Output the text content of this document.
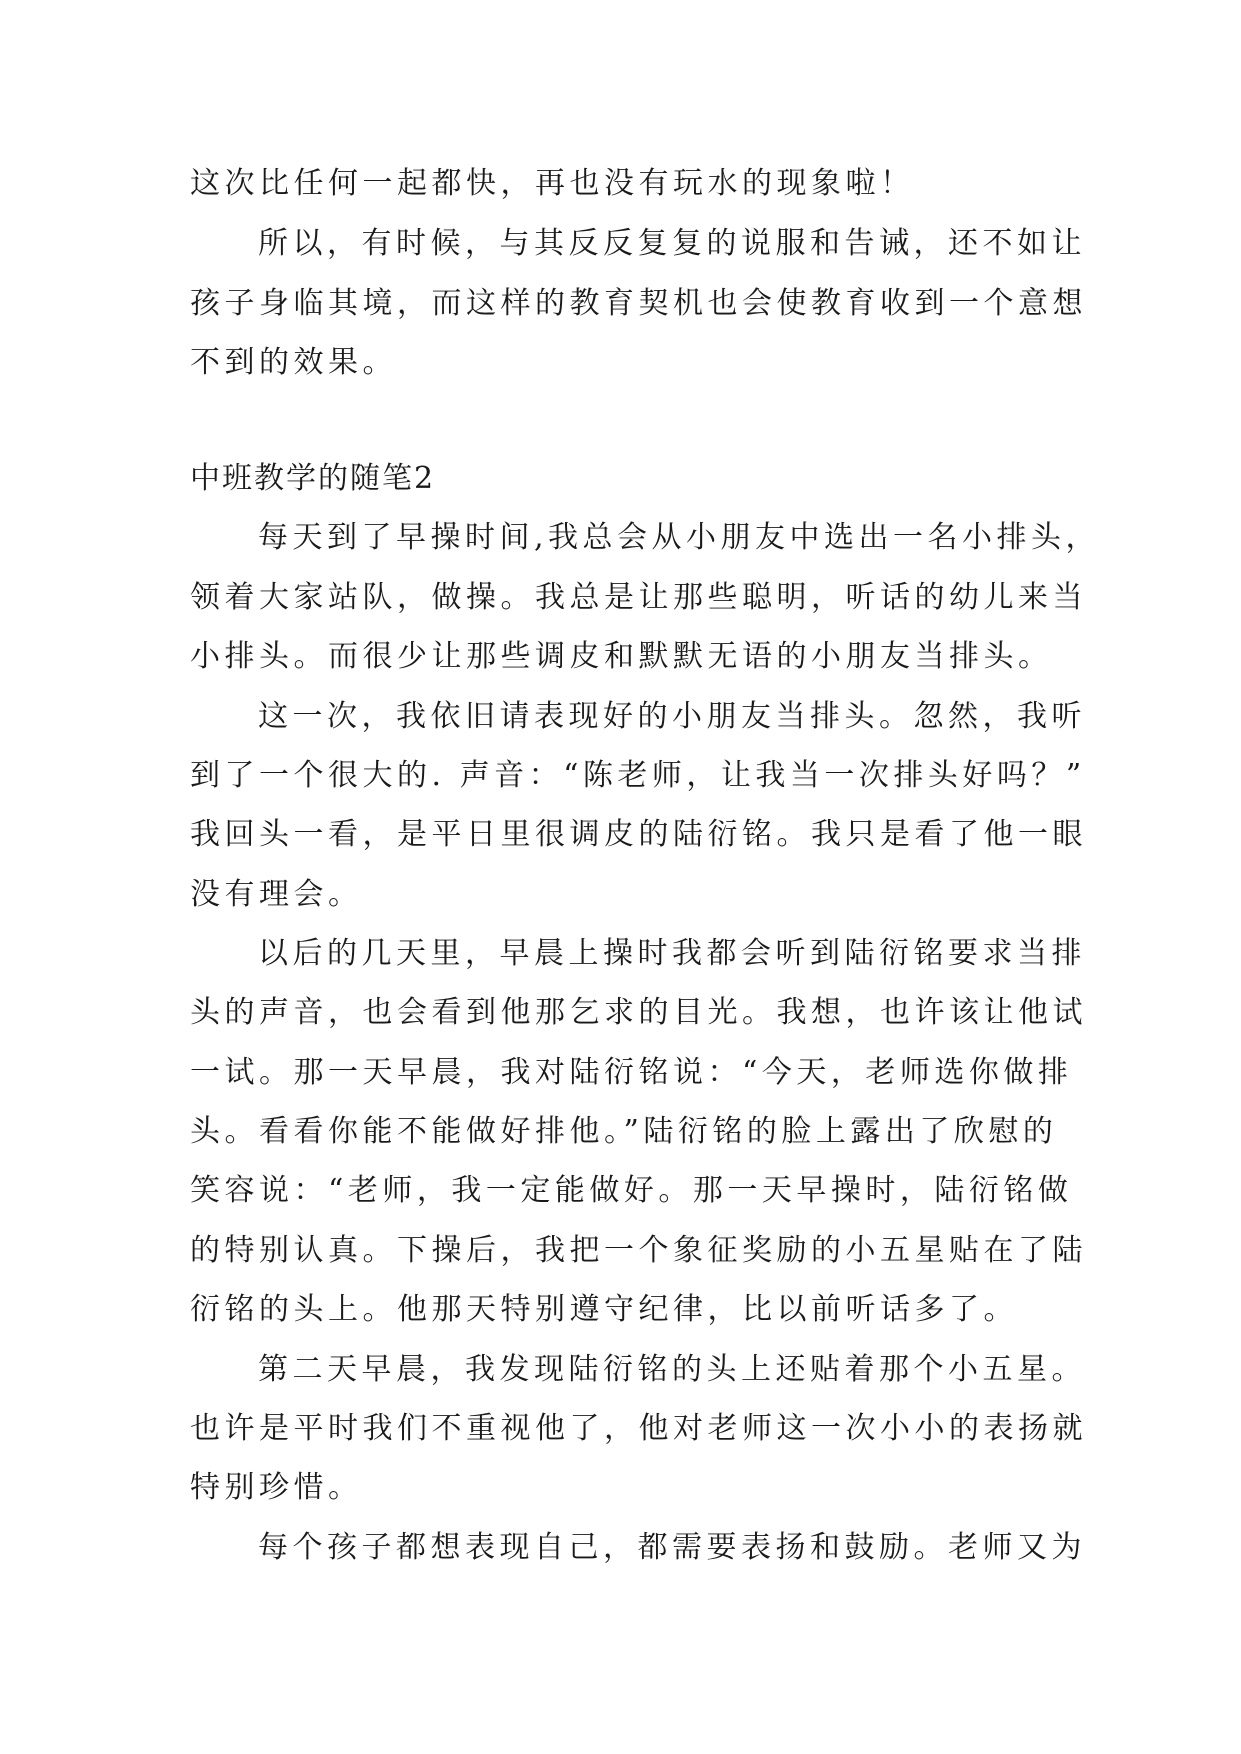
这次比任何一起都快，再也没有玩水的现象啦！
所以，有时候，与其反反复复的说服和告诫，还不如让
孩子身临其境，而这样的教育契机也会使教育收到一个意想
不到的效果。
中班教学的随笔2
每天到了早操时间,我总会从小朋友中选出一名小排头，
领着大家站队，做操。我总是让那些聪明，听话的幼儿来当
小排头。而很少让那些调皮和默默无语的小朋友当排头。
这一次，我依旧请表现好的小朋友当排头。忽然，我听
到了一个很大的. 声音：“陈老师，让我当一次排头好吗？”
我回头一看，是平日里很调皮的陆衍铭。我只是看了他一眼
没有理会。
以后的几天里，早晨上操时我都会听到陆衍铭要求当排
头的声音，也会看到他那乞求的目光。我想，也许该让他试
一试。那一天早晨，我对陆衍铭说：“今天，老师选你做排
头。看看你能不能做好排他。”陆衍铭的脸上露出了欣慰的
笑容说：“老师，我一定能做好。那一天早操时，陆衍铭做
的特别认真。下操后，我把一个象征奖励的小五星贴在了陆
衍铭的头上。他那天特别遵守纪律，比以前听话多了。
第二天早晨，我发现陆衍铭的头上还贴着那个小五星。
也许是平时我们不重视他了，他对老师这一次小小的表扬就
特别珍惜。
每个孩子都想表现自己，都需要表扬和鼓励。老师又为
